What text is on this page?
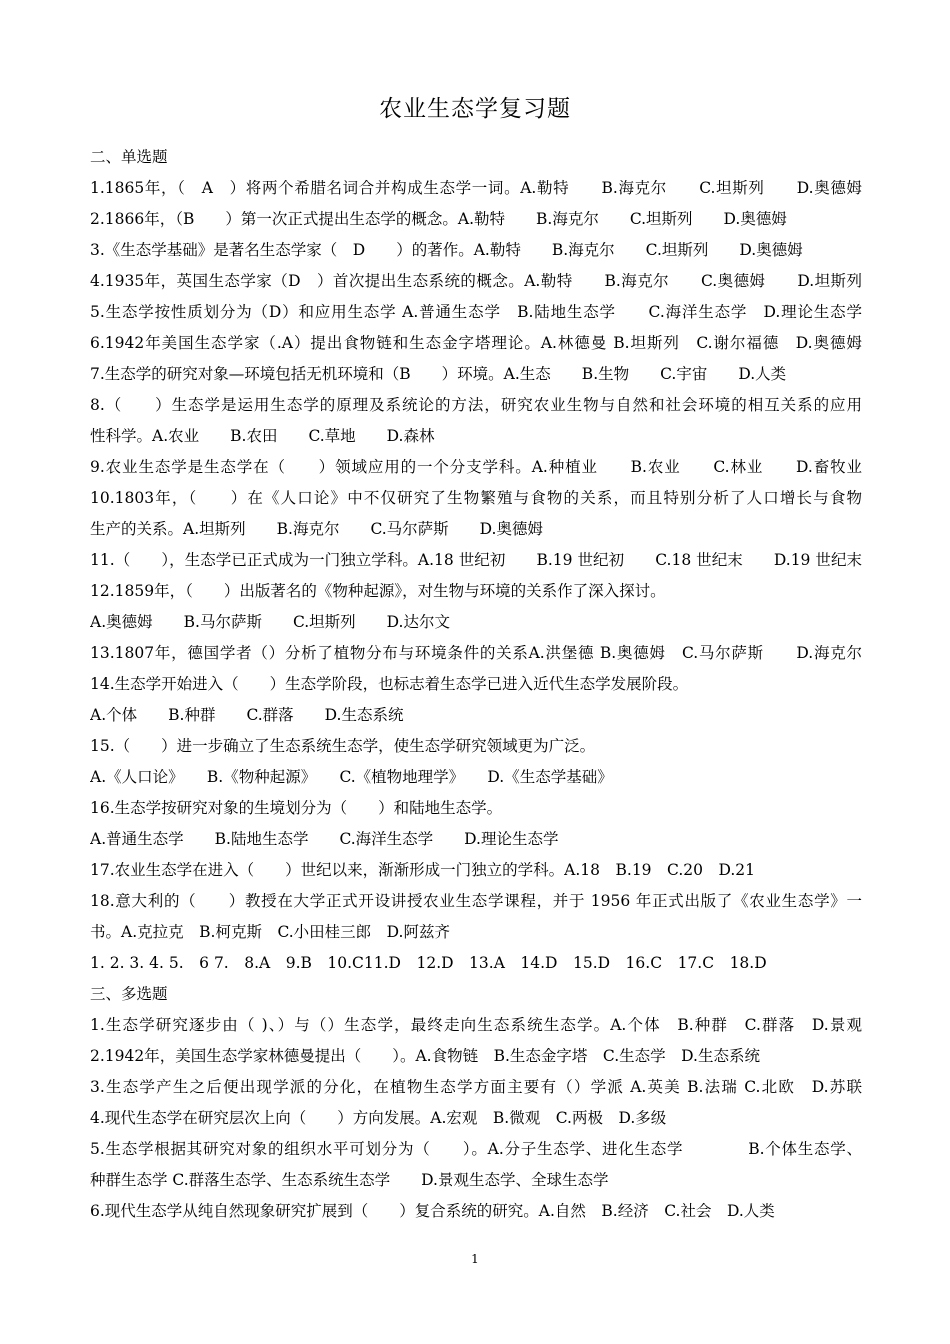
农业生态学复习题
二、单选题
1.1865年，（　A　）将两个希腊名词合并构成生态学一词。A.勒特　　B.海克尔　　C.坦斯列　　D.奥德姆
2.1866年，（B　　）第一次正式提出生态学的概念。A.勒特　　B.海克尔　　C.坦斯列　　D.奥德姆
3.《生态学基础》是著名生态学家（　D　　）的著作。A.勒特　　B.海克尔　　C.坦斯列　　D.奥德姆
4.1935年，英国生态学家（D　）首次提出生态系统的概念。A.勒特　　B.海克尔　　C.奥德姆　　D.坦斯列
5.生态学按性质划分为（D）和应用生态学 A.普通生态学　B.陆地生态学　　C.海洋生态学　D.理论生态学
6.1942年美国生态学家（.A）提出食物链和生态金字塔理论。A.林德曼 B.坦斯列　C.谢尔福德　D.奥德姆
7.生态学的研究对象—环境包括无机环境和（B　　）环境。A.生态　　B.生物　　C.宇宙　　D.人类
8.（　　）生态学是运用生态学的原理及系统论的方法，研究农业生物与自然和社会环境的相互关系的应用
性科学。A.农业　　B.农田　　C.草地　　D.森林
9.农业生态学是生态学在（　　）领域应用的一个分支学科。A.种植业　　B.农业　　C.林业　　D.畜牧业
10.1803年，（　　）在《人口论》中不仅研究了生物繁殖与食物的关系，而且特别分析了人口增长与食物
生产的关系。A.坦斯列　　B.海克尔　　C.马尔萨斯　　D.奥德姆
11.（　　），生态学已正式成为一门独立学科。A.18 世纪初　　B.19 世纪初　　C.18 世纪末　　D.19 世纪末
12.1859年，（　　）出版著名的《物种起源》，对生物与环境的关系作了深入探讨。
A.奥德姆　　B.马尔萨斯　　C.坦斯列　　D.达尔文
13.1807年，德国学者（）分析了植物分布与环境条件的关系A.洪堡德 B.奥德姆　C.马尔萨斯　　D.海克尔
14.生态学开始进入（　　）生态学阶段，也标志着生态学已进入近代生态学发展阶段。
A.个体　　B.种群　　C.群落　　D.生态系统
15.（　　）进一步确立了生态系统生态学，使生态学研究领域更为广泛。
A.《人口论》　　B.《物种起源》　　C.《植物地理学》　　D.《生态学基础》
16.生态学按研究对象的生境划分为（　　）和陆地生态学。
A.普通生态学　　B.陆地生态学　　C.海洋生态学　　D.理论生态学
17.农业生态学在进入（　　）世纪以来，渐渐形成一门独立的学科。A.18　B.19　C.20　D.21
18.意大利的（　　）教授在大学正式开设讲授农业生态学课程，并于 1956 年正式出版了《农业生态学》一
书。A.克拉克　B.柯克斯　C.小田桂三郎　D.阿兹齐
1. 2. 3. 4. 5.　6 7.　8.A　9.B　10.C11.D　12.D　13.A　14.D　15.D　16.C　17.C　18.D
三、多选题
1.生态学研究逐步由（ )、）与（）生态学，最终走向生态系统生态学。A.个体　B.种群　C.群落　D.景观
2.1942年，美国生态学家林德曼提出（　　）。A.食物链　B.生态金字塔　C.生态学　D.生态系统
3.生态学产生之后便出现学派的分化，在植物生态学方面主要有（）学派 A.英美 B.法瑞 C.北欧　D.苏联
4.现代生态学在研究层次上向（　　）方向发展。A.宏观　B.微观　C.两极　D.多级
5.生态学根据其研究对象的组织水平可划分为（　　）。A.分子生态学、进化生态学　　　　B.个体生态学、
种群生态学 C.群落生态学、生态系统生态学　　D.景观生态学、全球生态学
6.现代生态学从纯自然现象研究扩展到（　　）复合系统的研究。A.自然　B.经济　C.社会　D.人类
1
